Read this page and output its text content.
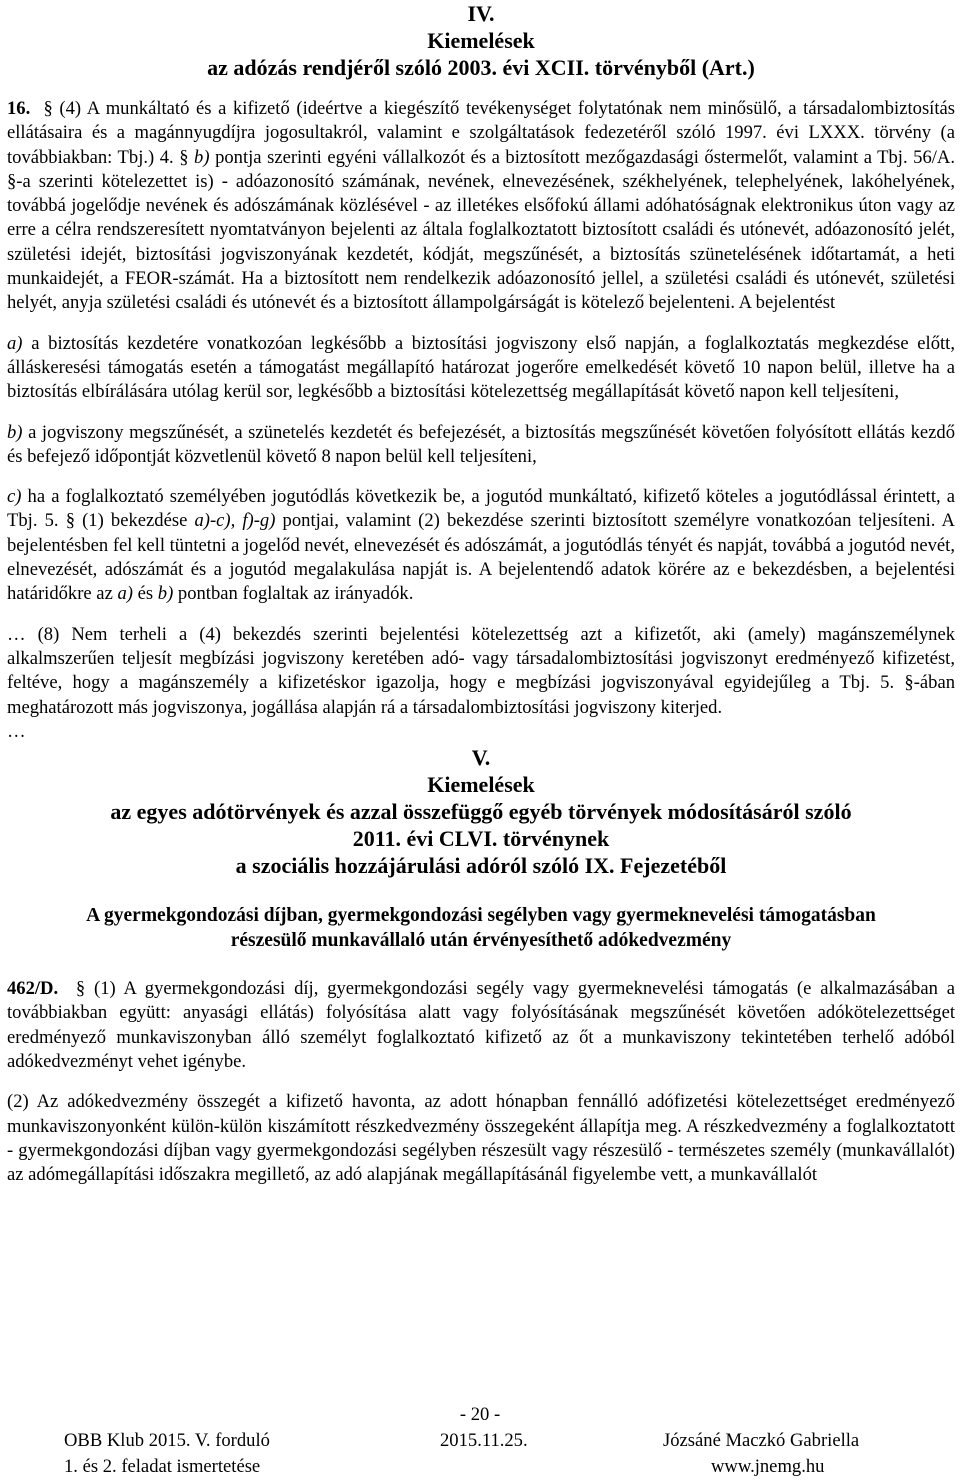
IV.
Kiemelések
az adózás rendjéről szóló 2003. évi XCII. törvényből (Art.)

16. § (4) A munkáltató és a kifizető (ideértve a kiegészítő tevékenységet folytatónak nem minősülő, a társadalombiztosítás ellátásaira és a magánnyugdíjra jogosultakról, valamint e szolgáltatások fedezetéről szóló 1997. évi LXXX. törvény (a továbbiakban: Tbj.) 4. § b) pontja szerinti egyéni vállalkozót és a biztosított mezőgazdasági őstermelőt, valamint a Tbj. 56/A. §-a szerinti kötelezettet is) - adóazonosító számának, nevének, elnevezésének, székhelyének, telephelyének, lakóhelyének, továbbá jogelődje nevének és adószámának közlésével - az illetékes elsőfokú állami adóhatóságnak elektronikus úton vagy az erre a célra rendszeresített nyomtatványon bejelenti az általa foglalkoztatott biztosított családi és utónevét, adóazonosító jelét, születési idejét, biztosítási jogviszonyának kezdetét, kódját, megszűnését, a biztosítás szünetelésének időtartamát, a heti munkaidejét, a FEOR-számát. Ha a biztosított nem rendelkezik adóazonosító jellel, a születési családi és utónevét, születési helyét, anyja születési családi és utónevét és a biztosított állampolgárságát is kötelező bejelenteni. A bejelentést

a) a biztosítás kezdetére vonatkozóan legkésőbb a biztosítási jogviszony első napján, a foglalkoztatás megkezdése előtt, álláskeresési támogatás esetén a támogatást megállapító határozat jogerőre emelkedését követő 10 napon belül, illetve ha a biztosítás elbírálására utólag kerül sor, legkésőbb a biztosítási kötelezettség megállapítását követő napon kell teljesíteni,

b) a jogviszony megszűnését, a szünetelés kezdetét és befejezését, a biztosítás megszűnését követően folyósított ellátás kezdő és befejező időpontját közvetlenül követő 8 napon belül kell teljesíteni,

c) ha a foglalkoztató személyében jogutódlás következik be, a jogutód munkáltató, kifizető köteles a jogutódlással érintett, a Tbj. 5. § (1) bekezdése a)-c), f)-g) pontjai, valamint (2) bekezdése szerinti biztosított személyre vonatkozóan teljesíteni. A bejelentésben fel kell tüntetni a jogelőd nevét, elnevezését és adószámát, a jogutódlás tényét és napját, továbbá a jogutód nevét, elnevezését, adószámát és a jogutód megalakulása napját is. A bejelentendő adatok körére az e bekezdésben, a bejelentési határidőkre az a) és b) pontban foglaltak az irányadók.

… (8) Nem terheli a (4) bekezdés szerinti bejelentési kötelezettség azt a kifizetőt, aki (amely) magánszemélynek alkalmszerűen teljesít megbízási jogviszony keretében adó- vagy társadalombiztosítási jogviszonyt eredményező kifizetést, feltéve, hogy a magánszemély a kifizetéskor igazolja, hogy e megbízási jogviszonyával egyidejűleg a Tbj. 5. §-ában meghatározott más jogviszonya, jogállása alapján rá a társadalombiztosítási jogviszony kiterjed.

…

V.
Kiemelések
az egyes adótörvények és azzal összefüggő egyéb törvények módosításáról szóló
2011. évi CLVI. törvénynek
a szociális hozzájárulási adóról szóló IX. Fejezetéből
A gyermekgondozási díjban, gyermekgondozási segélyben vagy gyermeknevelési támogatásban
részesülő munkavállaló után érvényesíthető adókedvezmény

462/D. § (1) A gyermekgondozási díj, gyermekgondozási segély vagy gyermeknevelési támogatás (e alkalmazásában a továbbiakban együtt: anyasági ellátás) folyósítása alatt vagy folyósításának megszűnését követően adókötelezettséget eredményező munkaviszonyban álló személyt foglalkoztató kifizető az őt a munkaviszony tekintetében terhelő adóból adókedvezményt vehet igénybe.

(2) Az adókedvezmény összegét a kifizető havonta, az adott hónapban fennálló adófizetési kötelezettséget eredményező munkaviszonyonként külön-külön kiszámított részkedvezmény összegeként állapítja meg. A részkedvezmény a foglalkoztatott - gyermekgondozási díjban vagy gyermekgondozási segélyben részesült vagy részesülő - természetes személy (munkavállalót) az adómegállapítási időszakra megillető, az adó alapjának megállapításánál figyelembe vett, a munkavállalót

- 20 -
OBB Klub 2015. V. forduló	2015.11.25.	Józsáné Maczkó Gabriella
1. és 2. feladat ismertetése	www.jnemg.hu
